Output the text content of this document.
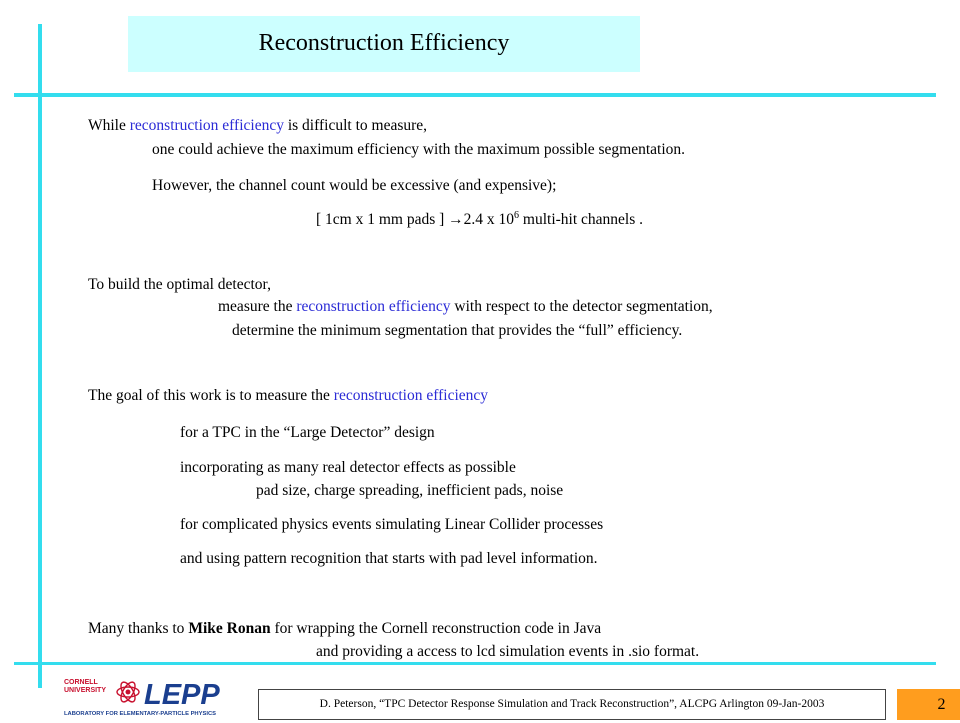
Reconstruction Efficiency
While reconstruction efficiency is difficult to measure,
one could achieve the maximum efficiency with the maximum possible segmentation.
However, the channel count would be excessive (and expensive);
[ 1cm x 1 mm pads ] →2.4 x $10^6$ multi-hit channels .
To build the optimal detector,
measure the reconstruction efficiency with respect to the detector segmentation,
determine the minimum segmentation that provides the “full” efficiency.
The goal of this work is to measure the reconstruction efficiency
for a TPC in the “Large Detector” design
incorporating as many real detector effects as possible
pad size, charge spreading, inefficient pads, noise
for complicated physics events simulating Linear Collider processes
and using pattern recognition that starts with pad level information.
Many thanks to Mike Ronan for wrapping the Cornell reconstruction code in Java
and providing a access to lcd simulation events in .sio format.
CORNELL
UNIVERSITY LEPP
LABORATORY FOR ELEMENTARY-PARTICLE PHYSICS
D. Peterson, “TPC Detector Response Simulation and Track Reconstruction”, ALCPG Arlington 09-Jan-2003	2
